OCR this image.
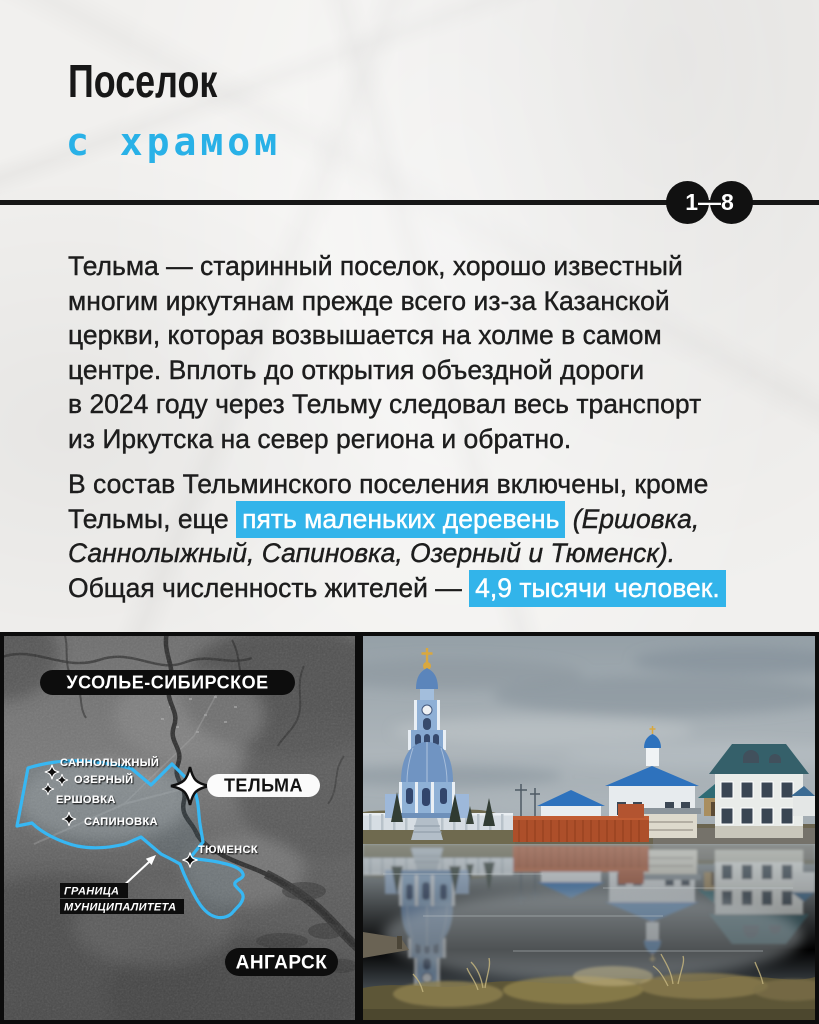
Поселок
с храмом
1—8

Тельма — старинный поселок, хорошо известный
многим иркутянам прежде всего из-за Казанской
церкви, которая возвышается на холме в самом
центре. Вплоть до открытия объездной дороги
в 2024 году через Тельму следовал весь транспорт
из Иркутска на север региона и обратно.

В состав Тельминского поселения включены, кроме Тельмы, еще пять маленьких деревень (Ершовка, Саннолыжный, Сапиновка, Озерный и Тюменск).
Общая численность жителей — 4,9 тысячи человек.

САННОЛЫЖНЫЙ
ОЗЕРНЫЙ
ЕРШОВКА
САПИНОВКА
ТЮМЕНСК
УСОЛЬЕ-СИБИРСКОЕ
ТЕЛЬМА
АНГАРСК
ГРАНИЦА
МУНИЦИПАЛИТЕТА
